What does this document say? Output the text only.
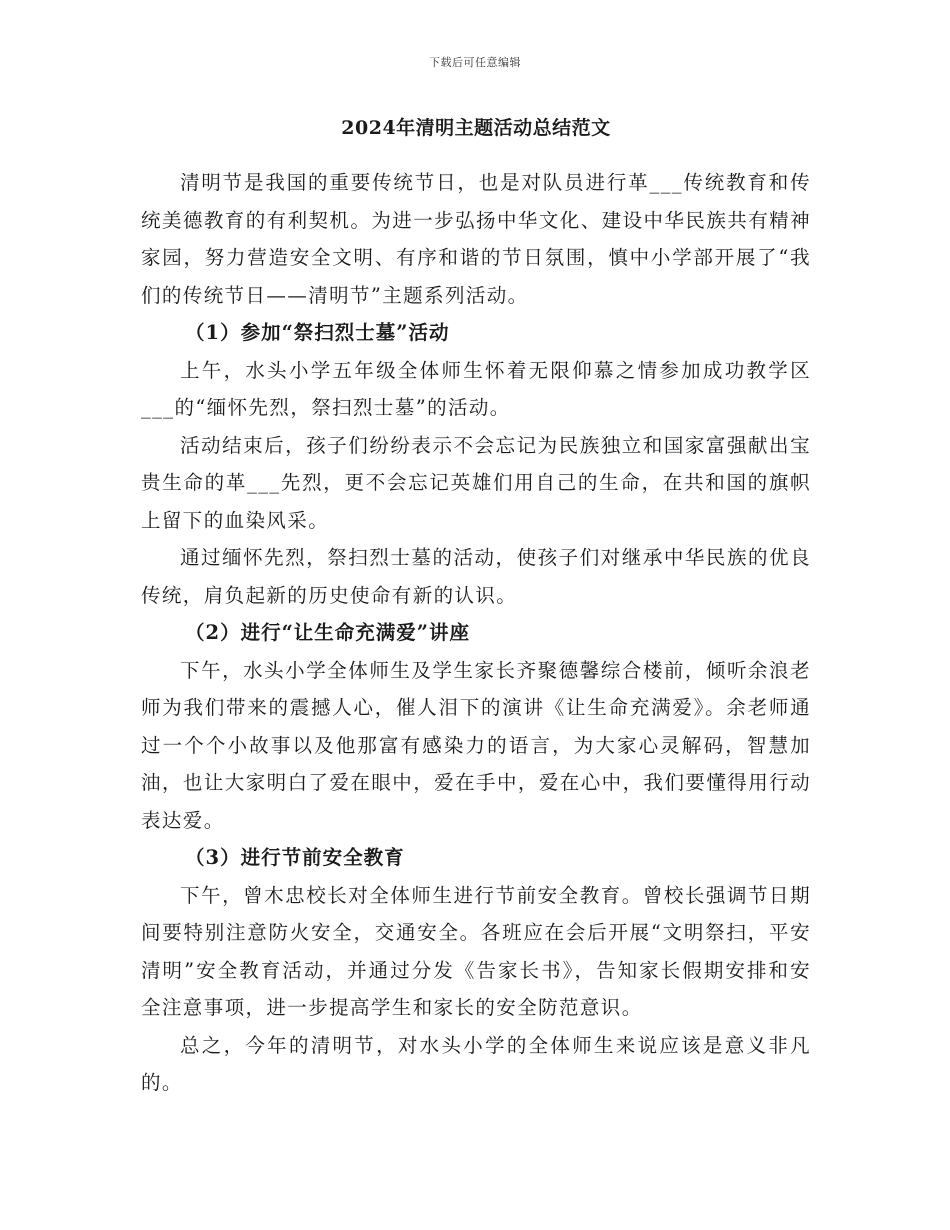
下载后可任意编辑
2024年清明主题活动总结范文

清明节是我国的重要传统节日，也是对队员进行革___传统教育和传统美德教育的有利契机。为进一步弘扬中华文化、建设中华民族共有精神家园，努力营造安全文明、有序和谐的节日氛围，慎中小学部开展了“我们的传统节日——清明节”主题系列活动。

（1）参加“祭扫烈士墓”活动

上午，水头小学五年级全体师生怀着无限仰慕之情参加成功教学区___的“缅怀先烈，祭扫烈士墓”的活动。

活动结束后，孩子们纷纷表示不会忘记为民族独立和国家富强献出宝贵生命的革___先烈，更不会忘记英雄们用自己的生命，在共和国的旗帜上留下的血染风采。

通过缅怀先烈，祭扫烈士墓的活动，使孩子们对继承中华民族的优良传统，肩负起新的历史使命有新的认识。

（2）进行“让生命充满爱”讲座

下午，水头小学全体师生及学生家长齐聚德馨综合楼前，倾听余浪老师为我们带来的震撼人心，催人泪下的演讲《让生命充满爱》。余老师通过一个个小故事以及他那富有感染力的语言，为大家心灵解码，智慧加油，也让大家明白了爱在眼中，爱在手中，爱在心中，我们要懂得用行动表达爱。

（3）进行节前安全教育

下午，曾木忠校长对全体师生进行节前安全教育。曾校长强调节日期间要特别注意防火安全，交通安全。各班应在会后开展“文明祭扫，平安清明”安全教育活动，并通过分发《告家长书》，告知家长假期安排和安全注意事项，进一步提高学生和家长的安全防范意识。

总之，今年的清明节，对水头小学的全体师生来说应该是意义非凡的。
